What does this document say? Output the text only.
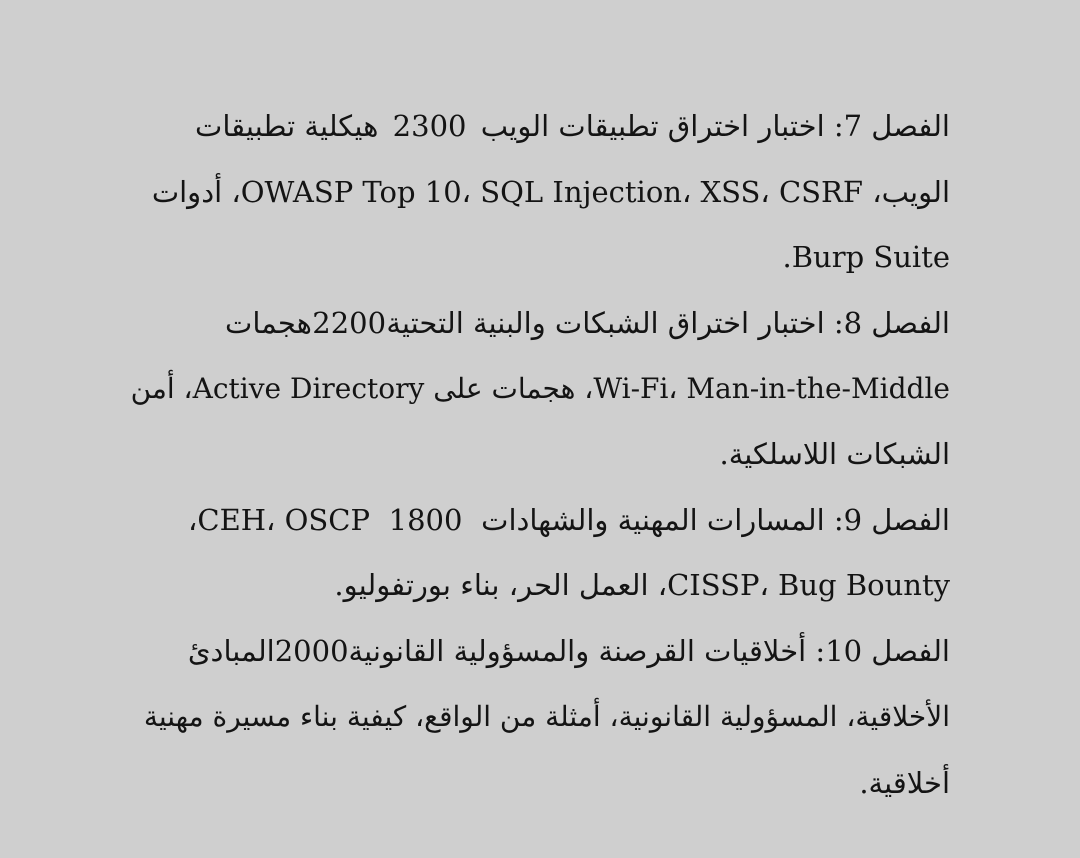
الفصل 7: اختبار اختراق تطبيقات الويب
2300
هيكلية تطبيقات
الويب، OWASP Top 10، SQL Injection، XSS، CSRF، أدوات
Burp Suite.
الفصل 8: اختبار اختراق الشبكات والبنية التحتية
2200
هجمات
Wi-Fi، Man-in-the-Middle، هجمات على Active Directory، أمن
الشبكات اللاسلكية.
الفصل 9: المسارات المهنية والشهادات
1800
CEH، OSCP،
CISSP، Bug Bounty، العمل الحر، بناء بورتفوليو.
الفصل 10: أخلاقيات القرصنة والمسؤولية القانونية
2000
المبادئ
الأخلاقية، المسؤولية القانونية، أمثلة من الواقع، كيفية بناء مسيرة مهنية
أخلاقية.
